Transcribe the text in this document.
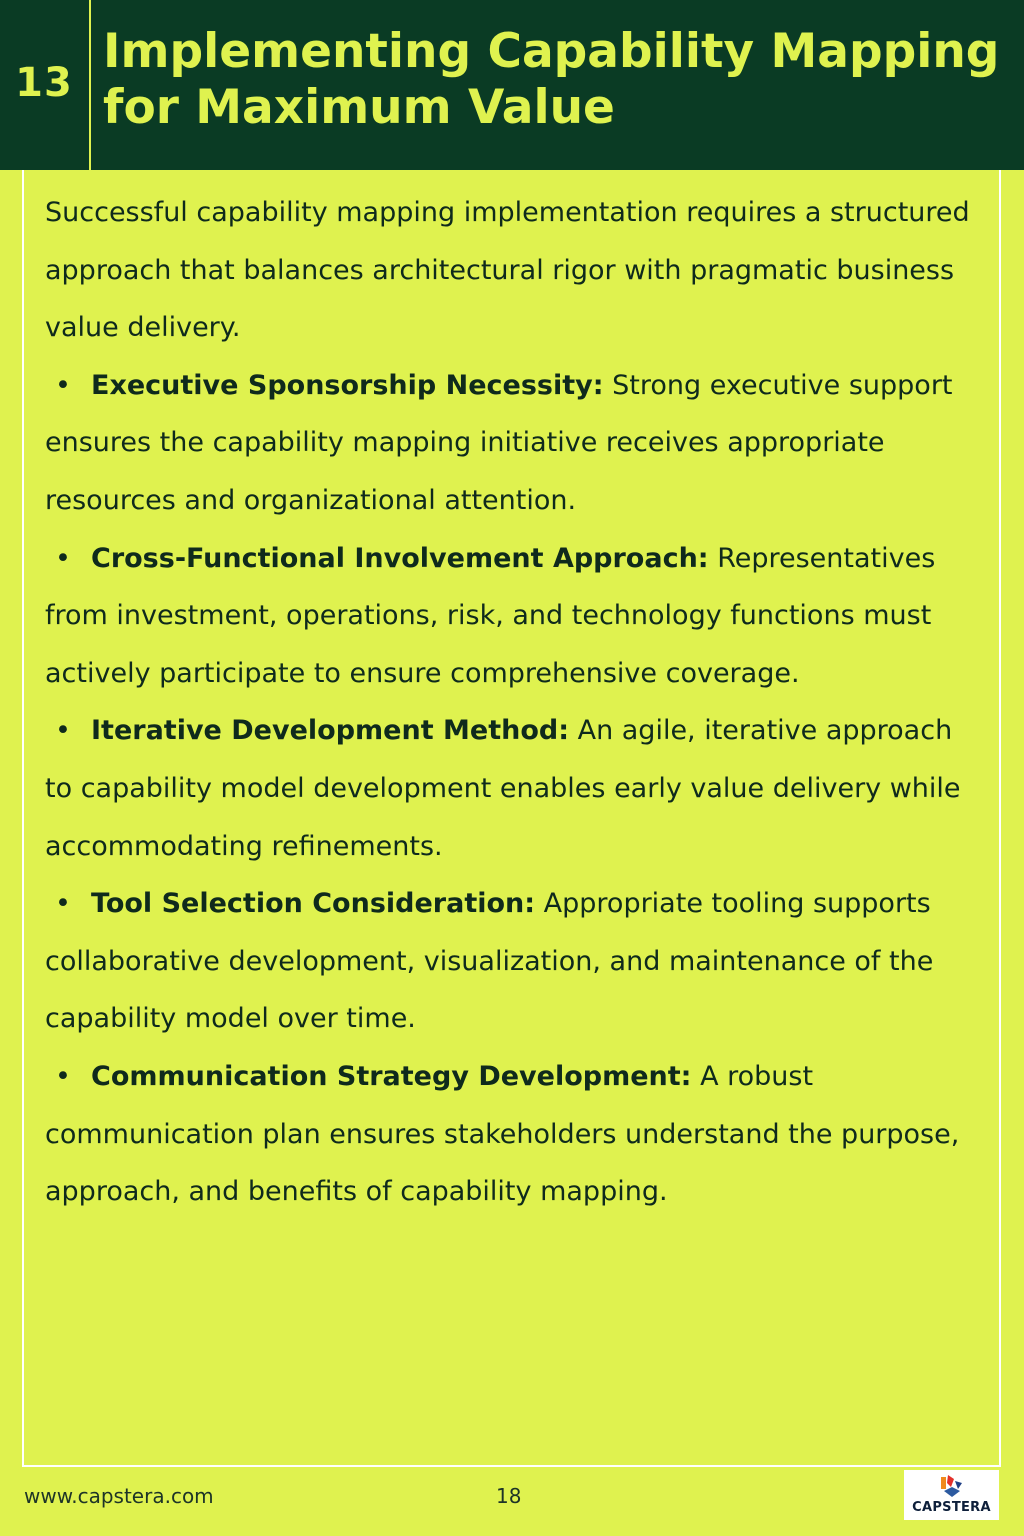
13
Implementing Capability Mapping
for Maximum Value

Successful capability mapping implementation requires a structured approach that balances architectural rigor with pragmatic business value delivery.

• Executive Sponsorship Necessity: Strong executive support ensures the capability mapping initiative receives appropriate resources and organizational attention.

• Cross-Functional Involvement Approach: Representatives from investment, operations, risk, and technology functions must actively participate to ensure comprehensive coverage.

• Iterative Development Method: An agile, iterative approach to capability model development enables early value delivery while accommodating refinements.

• Tool Selection Consideration: Appropriate tooling supports collaborative development, visualization, and maintenance of the capability model over time.

• Communication Strategy Development: A robust communication plan ensures stakeholders understand the purpose, approach, and benefits of capability mapping.

www.capstera.com	18	CAPSTERA
